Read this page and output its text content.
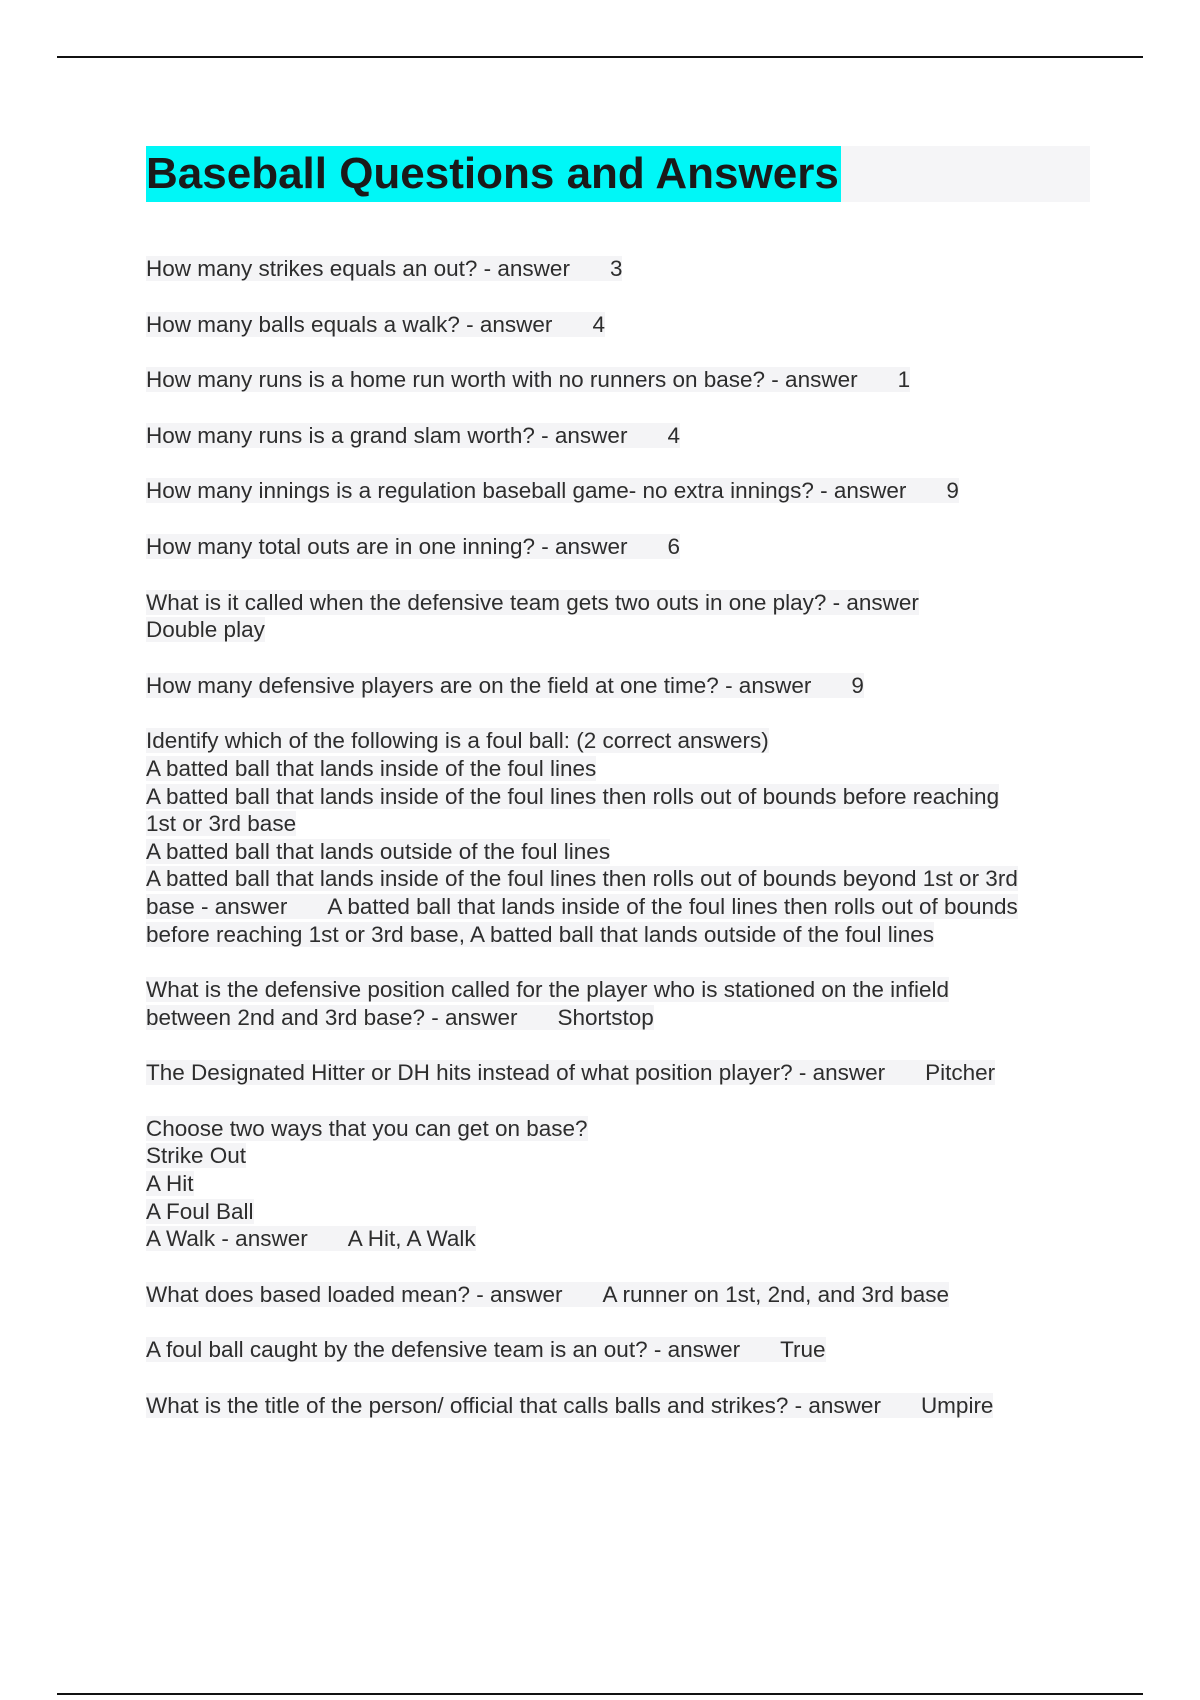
Baseball Questions and Answers
How many strikes equals an out? - answer 3
How many balls equals a walk? - answer 4
How many runs is a home run worth with no runners on base? - answer 1
How many runs is a grand slam worth? - answer 4
How many innings is a regulation baseball game- no extra innings? - answer 9
How many total outs are in one inning? - answer 6
What is it called when the defensive team gets two outs in one play? - answer
Double play
How many defensive players are on the field at one time? - answer 9
Identify which of the following is a foul ball: (2 correct answers)
A batted ball that lands inside of the foul lines
A batted ball that lands inside of the foul lines then rolls out of bounds before reaching
1st or 3rd base
A batted ball that lands outside of the foul lines
A batted ball that lands inside of the foul lines then rolls out of bounds beyond 1st or 3rd
base - answer A batted ball that lands inside of the foul lines then rolls out of bounds
before reaching 1st or 3rd base, A batted ball that lands outside of the foul lines
What is the defensive position called for the player who is stationed on the infield
between 2nd and 3rd base? - answer Shortstop
The Designated Hitter or DH hits instead of what position player? - answer Pitcher
Choose two ways that you can get on base?
Strike Out
A Hit
A Foul Ball
A Walk - answer A Hit, A Walk
What does based loaded mean? - answer A runner on 1st, 2nd, and 3rd base
A foul ball caught by the defensive team is an out? - answer True
What is the title of the person/ official that calls balls and strikes? - answer Umpire
